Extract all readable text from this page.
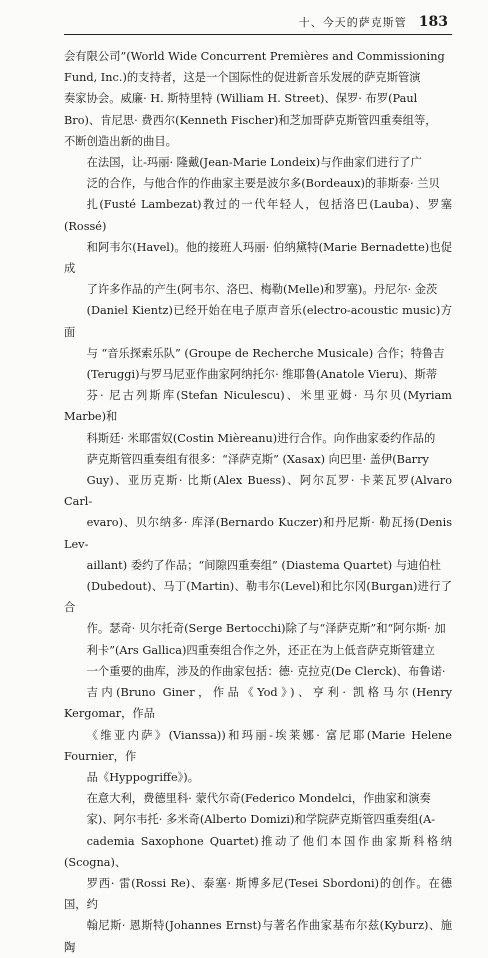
十、今天的萨克斯管 183

会有限公司”(World Wide Concurrent Premières and Commissioning
Fund, Inc.)的支持者，这是一个国际性的促进新音乐发展的萨克斯管演
奏家协会。威廉· H. 斯特里特 (William H. Street)、保罗· 布罗(Paul
Bro)、肯尼思· 费西尔(Kenneth Fischer)和芝加哥萨克斯管四重奏组等，
不断创造出新的曲目。

在法国，让-玛丽· 隆戴(Jean-Marie Londeix)与作曲家们进行了广
泛的合作，与他合作的作曲家主要是波尔多(Bordeaux)的菲斯泰· 兰贝
扎(Fusté Lambezat)教过的一代年轻人，包括洛巴(Lauba)、罗塞(Rossé)
和阿韦尔(Havel)。他的接班人玛丽· 伯纳黛特(Marie Bernadette)也促成
了许多作品的产生(阿韦尔、洛巴、梅勒(Melle)和罗塞)。丹尼尔· 金茨
(Daniel Kientz)已经开始在电子原声音乐(electro-acoustic music)方面
与 “音乐探索乐队” (Groupe de Recherche Musicale) 合作；特鲁吉
(Teruggi)与罗马尼亚作曲家阿纳托尔· 维耶鲁(Anatole Vieru)、斯蒂
芬· 尼古列斯库(Stefan Niculescu)、米里亚姆· 马尔贝(Myriam Marbe)和
科斯廷· 米耶雷奴(Costin Mièreanu)进行合作。向作曲家委约作品的
萨克斯管四重奏组有很多：“泽萨克斯” (Xasax) 向巴里· 盖伊(Barry
Guy)、亚历克斯· 比斯(Alex Buess)、阿尔瓦罗· 卡莱瓦罗(Alvaro Carl-
evaro)、贝尔纳多· 库泽(Bernardo Kuczer)和丹尼斯· 勒瓦扬(Denis Lev-
aillant) 委约了作品；“间隙四重奏组” (Diastema Quartet) 与迪伯杜
(Dubedout)、马丁(Martin)、勒韦尔(Level)和比尔冈(Burgan)进行了合
作。瑟奇· 贝尔托奇(Serge Bertocchi)除了与“泽萨克斯”和“阿尔斯· 加
利卡”(Ars Gallica)四重奏组合作之外，还正在为上低音萨克斯管建立
一个重要的曲库，涉及的作曲家包括：德· 克拉克(De Clerck)、布鲁诺·
吉内(Bruno Giner，作品《Yod》)、亨利· 凯格马尔(Henry Kergomar，作品
《维亚内萨》(Vianssa))和玛丽-埃莱娜· 富尼耶(Marie Helene Fournier，作
品《Hyppogriffe》)。

在意大利，费德里科· 蒙代尔奇(Federico Mondelci，作曲家和演奏
家)、阿尔韦托· 多米奇(Alberto Domizi)和学院萨克斯管四重奏组(A-
cademia Saxophone Quartet)推动了他们本国作曲家斯科格纳(Scogna)、
罗西· 雷(Rossi Re)、泰塞· 斯博多尼(Tesei Sbordoni)的创作。在德国，约
翰尼斯· 恩斯特(Johannes Ernst)与著名作曲家基布尔兹(Kyburz)、施陶
